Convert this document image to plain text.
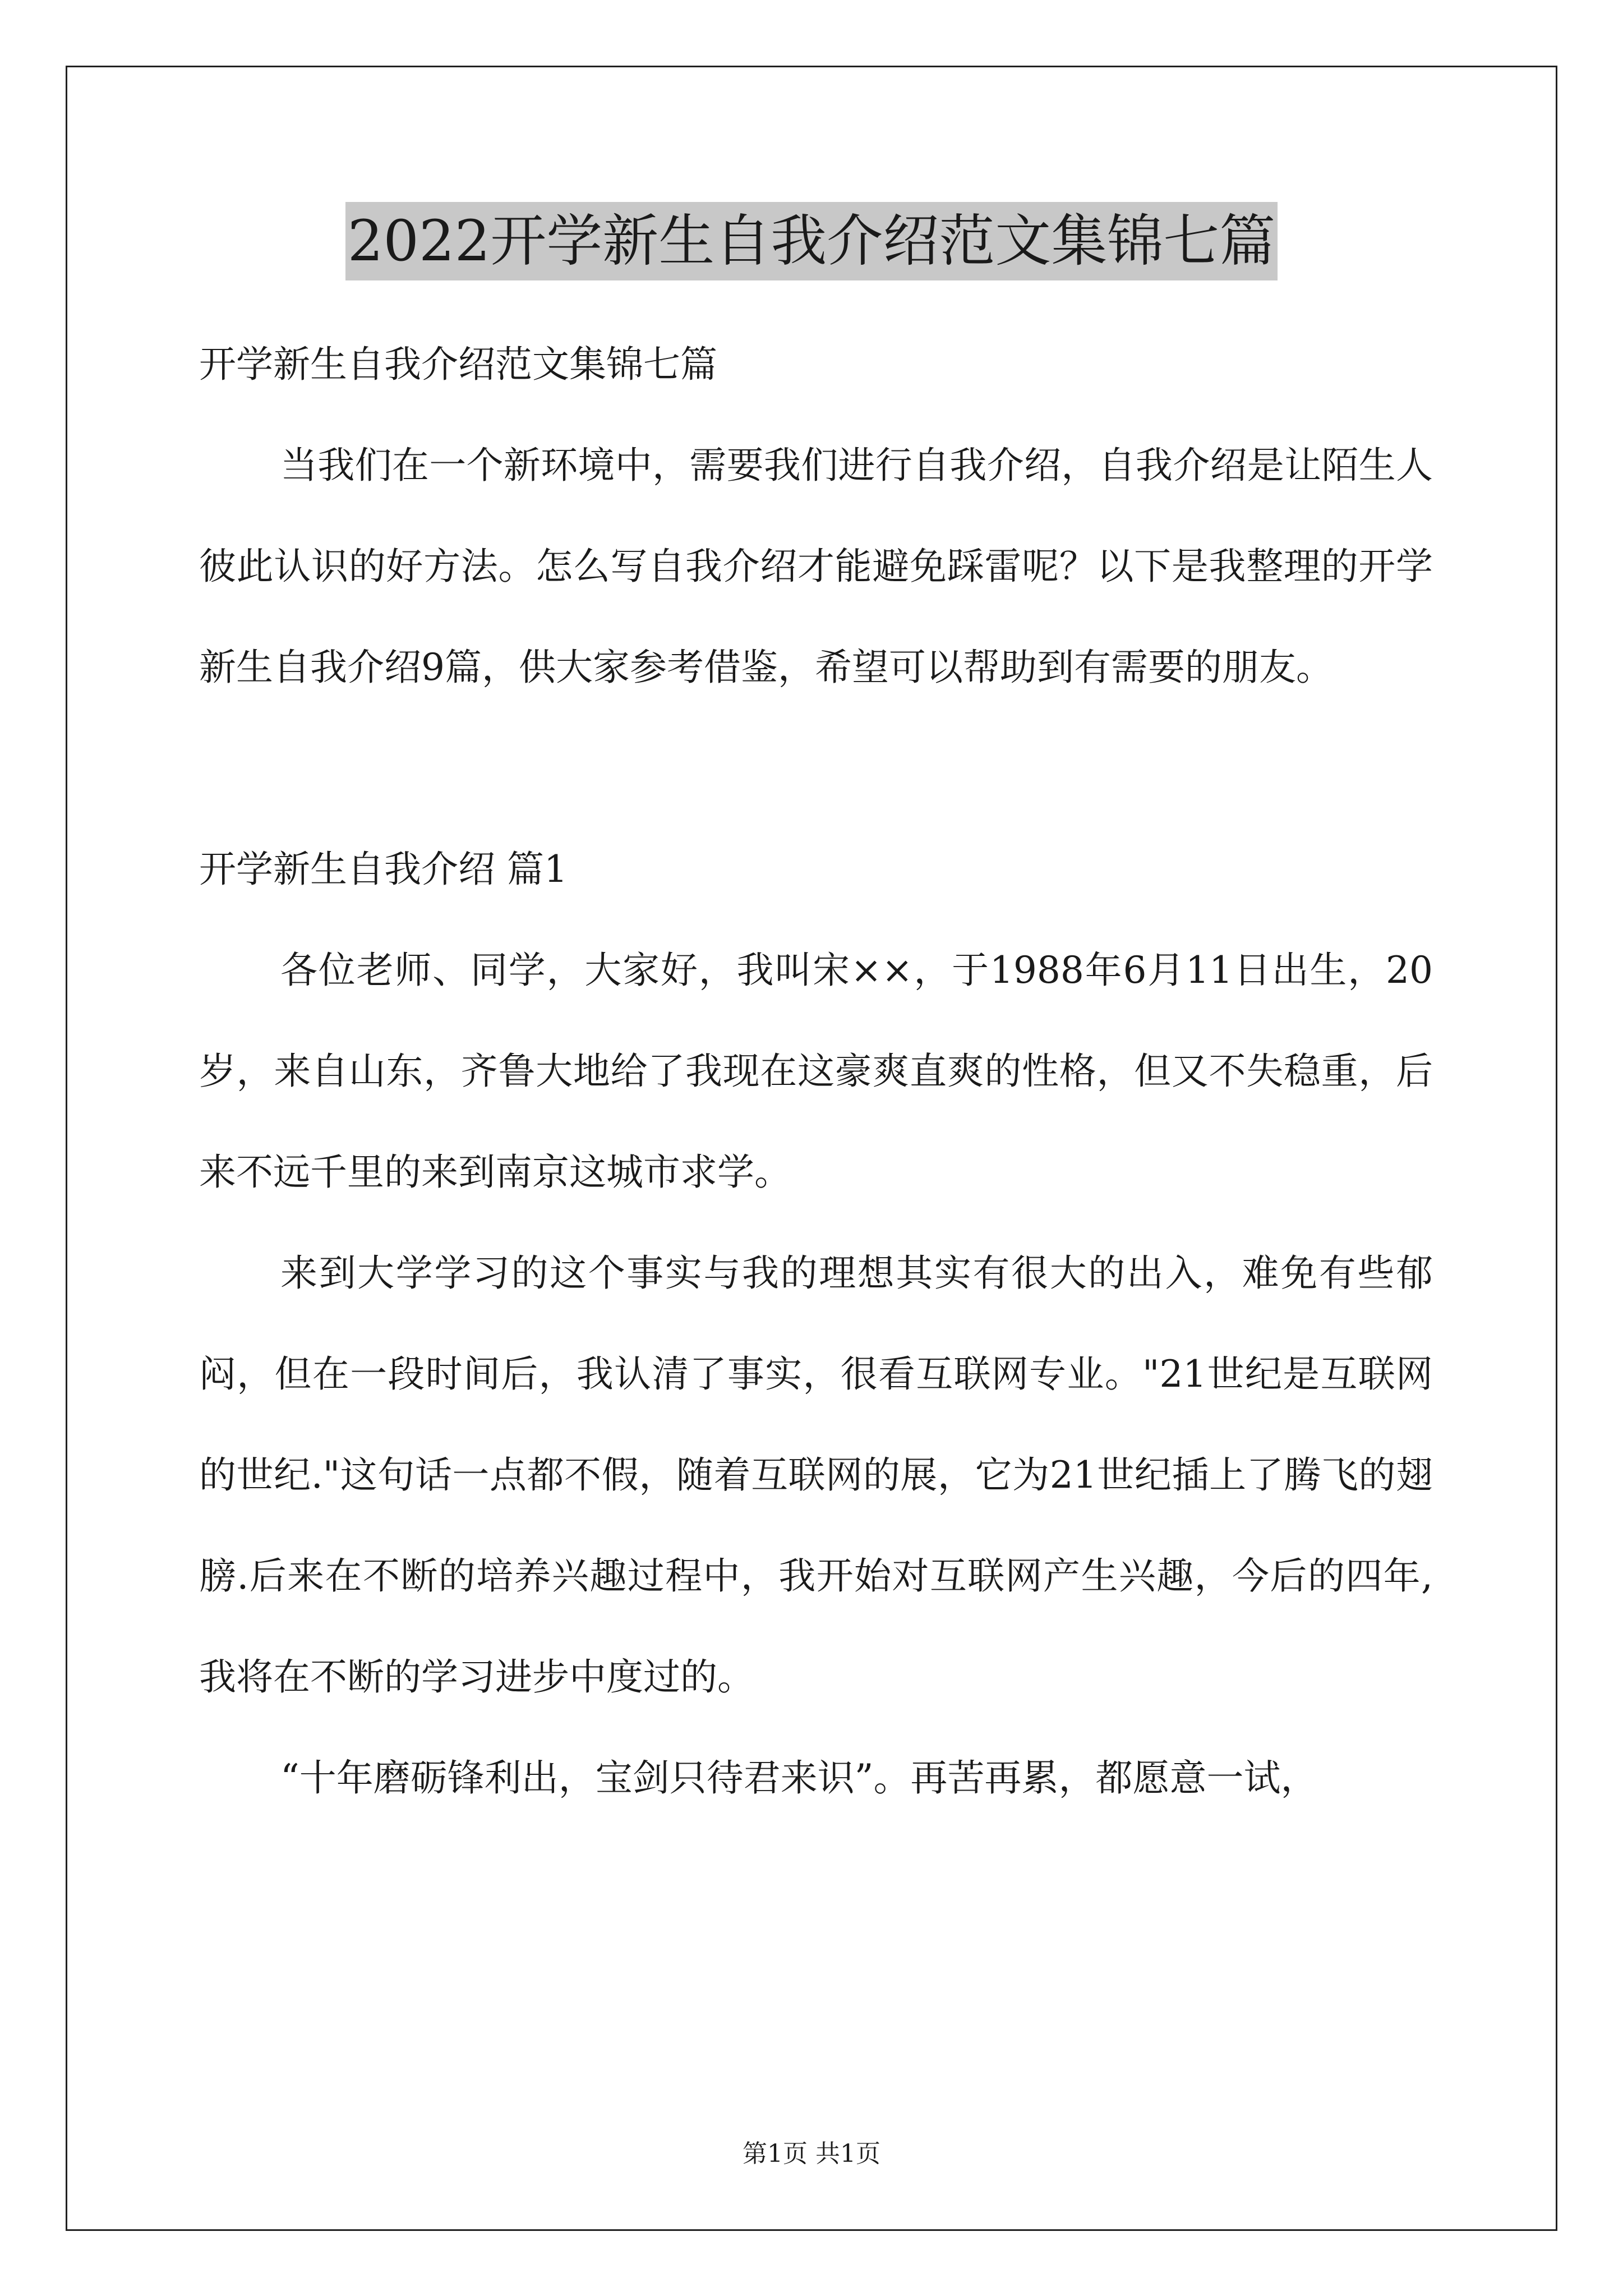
2022开学新生自我介绍范文集锦七篇

开学新生自我介绍范文集锦七篇

当我们在一个新环境中，需要我们进行自我介绍，自我介绍是让陌生人彼此认识的好方法。怎么写自我介绍才能避免踩雷呢？以下是我整理的开学新生自我介绍9篇，供大家参考借鉴，希望可以帮助到有需要的朋友。

开学新生自我介绍 篇1

各位老师、同学，大家好，我叫宋××，于1988年6月11日出生，20岁，来自山东，齐鲁大地给了我现在这豪爽直爽的性格，但又不失稳重，后来不远千里的来到南京这城市求学。

来到大学学习的这个事实与我的理想其实有很大的出入，难免有些郁闷，但在一段时间后，我认清了事实，很看互联网专业。"21世纪是互联网的世纪."这句话一点都不假，随着互联网的展，它为21世纪插上了腾飞的翅膀.后来在不断的培养兴趣过程中，我开始对互联网产生兴趣，今后的四年,我将在不断的学习进步中度过的。

“十年磨砺锋利出，宝剑只待君来识”。再苦再累，都愿意一试，

第1页 共1页
